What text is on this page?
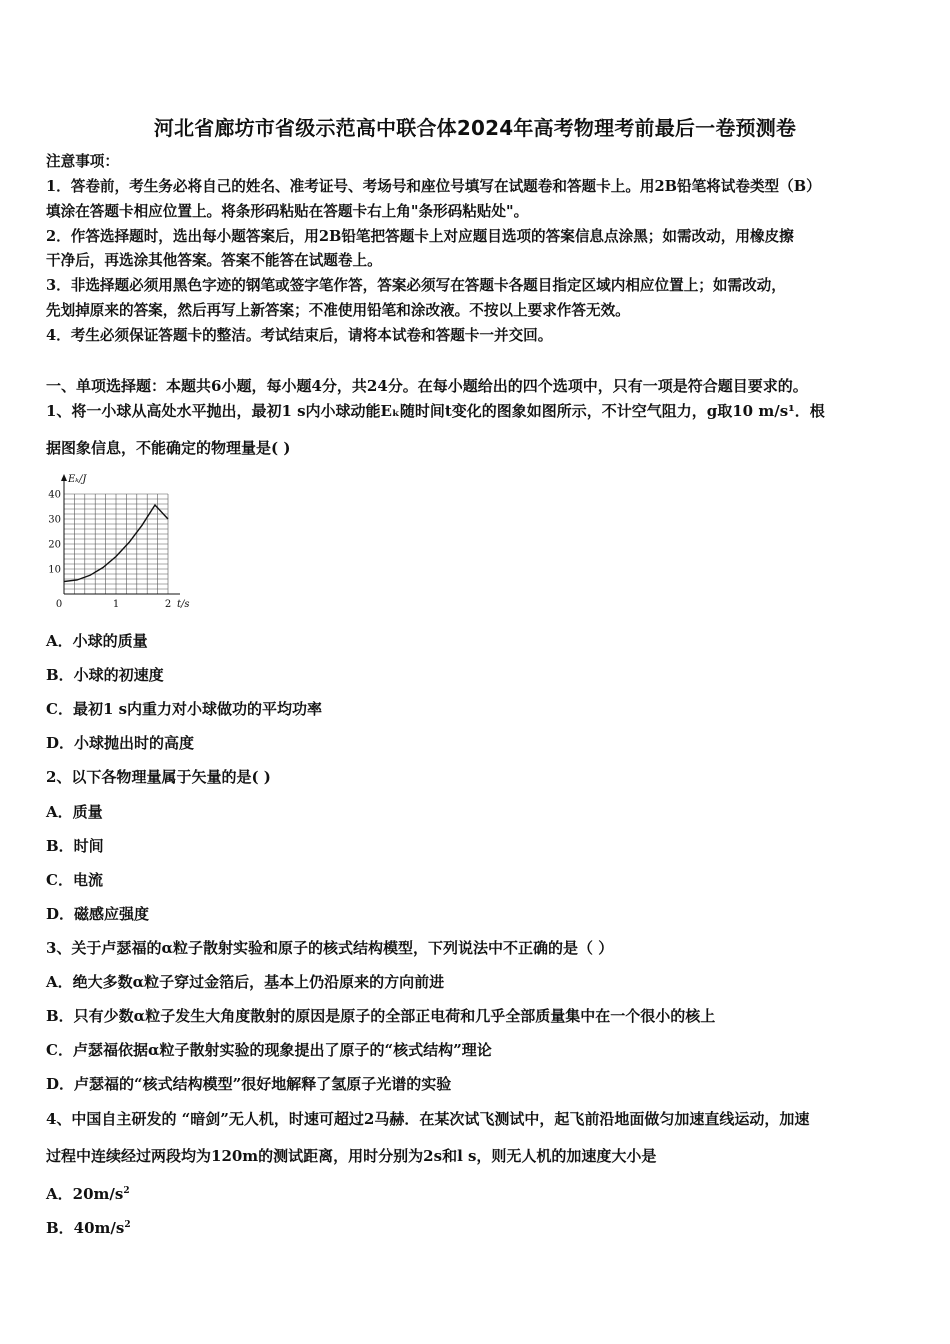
河北省廊坊市省级示范高中联合体2024年高考物理考前最后一卷预测卷
注意事项：
1．答卷前，考生务必将自己的姓名、准考证号、考场号和座位号填写在试题卷和答题卡上。用2B铅笔将试卷类型（B）
填涂在答题卡相应位置上。将条形码粘贴在答题卡右上角"条形码粘贴处"。
2．作答选择题时，选出每小题答案后，用2B铅笔把答题卡上对应题目选项的答案信息点涂黑；如需改动，用橡皮擦
干净后，再选涂其他答案。答案不能答在试题卷上。
3．非选择题必须用黑色字迹的钢笔或签字笔作答，答案必须写在答题卡各题目指定区域内相应位置上；如需改动，
先划掉原来的答案，然后再写上新答案；不准使用铅笔和涂改液。不按以上要求作答无效。
4．考生必须保证答题卡的整洁。考试结束后，请将本试卷和答题卡一并交回。
一、单项选择题：本题共6小题，每小题4分，共24分。在每小题给出的四个选项中，只有一项是符合题目要求的。
1、将一小球从高处水平抛出，最初1 s内小球动能Eₖ随时间t变化的图象如图所示，不计空气阻力，g取10 m/s¹．根
据图象信息，不能确定的物理量是( )
10
20
30
40
1	2
0
Eₖ/J
t/s
A．小球的质量
B．小球的初速度
C．最初1 s内重力对小球做功的平均功率
D．小球抛出时的高度
2、以下各物理量属于矢量的是( )
A．质量
B．时间
C．电流
D．磁感应强度
3、关于卢瑟福的α粒子散射实验和原子的核式结构模型，下列说法中不正确的是（ ）
A．绝大多数α粒子穿过金箔后，基本上仍沿原来的方向前进
B．只有少数α粒子发生大角度散射的原因是原子的全部正电荷和几乎全部质量集中在一个很小的核上
C．卢瑟福依据α粒子散射实验的现象提出了原子的“核式结构”理论
D．卢瑟福的“核式结构模型”很好地解释了氢原子光谱的实验
4、中国自主研发的 “暗剑”无人机，时速可超过2马赫．在某次试飞测试中，起飞前沿地面做匀加速直线运动，加速
过程中连续经过两段均为120m的测试距离，用时分别为2s和l s，则无人机的加速度大小是
A．$20m/s^2$
B．$40m/s^2$
